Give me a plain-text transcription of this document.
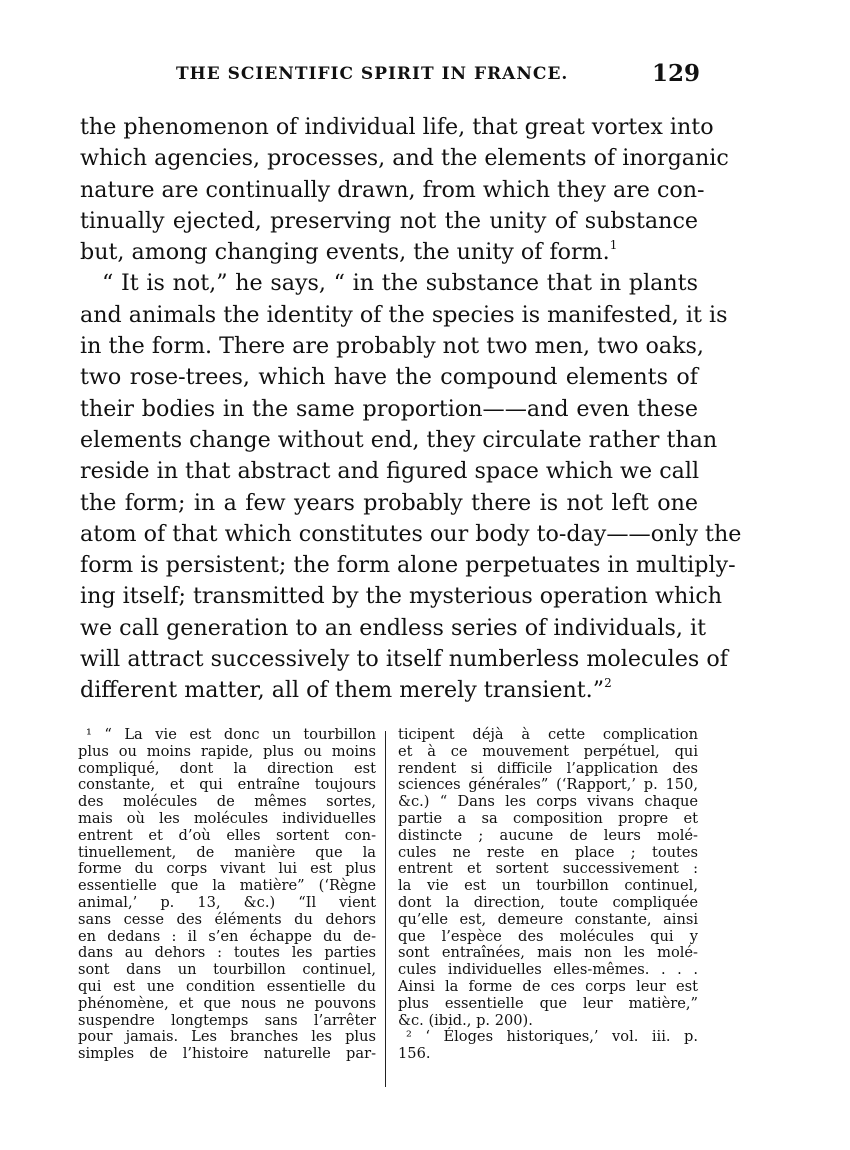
THE SCIENTIFIC SPIRIT IN FRANCE.	129
the phenomenon of individual life, that great vortex into
which agencies, processes, and the elements of inorganic
nature are continually drawn, from which they are con-
tinually ejected, preserving not the unity of substance
but, among changing events, the unity of form.$^1$
“ It is not,” he says, “ in the substance that in plants
and animals the identity of the species is manifested, it is
in the form. There are probably not two men, two oaks,
two rose-trees, which have the compound elements of
their bodies in the same proportion——and even these
elements change without end, they circulate rather than
reside in that abstract and figured space which we call
the form; in a few years probably there is not left one
atom of that which constitutes our body to-day——only the
form is persistent; the form alone perpetuates in multiply-
ing itself; transmitted by the mysterious operation which
we call generation to an endless series of individuals, it
will attract successively to itself numberless molecules of
different matter, all of them merely transient.”$^2$
¹ “ La vie est donc un tourbillon
plus ou moins rapide, plus ou moins
compliqué, dont la direction est
constante, et qui entraîne toujours
des molécules de mêmes sortes,
mais où les molécules individuelles
entrent et d’où elles sortent con-
tinuellement, de manière que la
forme du corps vivant lui est plus
essentielle que la matière” (‘Règne
animal,’ p. 13, &c.) “Il vient
sans cesse des éléments du dehors
en dedans : il s’en échappe du de-
dans au dehors : toutes les parties
sont dans un tourbillon continuel,
qui est une condition essentielle du
phénomène, et que nous ne pouvons
suspendre longtemps sans l’arrêter
pour jamais. Les branches les plus
simples de l’histoire naturelle par-
ticipent déjà à cette complication
et à ce mouvement perpétuel, qui
rendent si difficile l’application des
sciences générales” (‘Rapport,’ p. 150,
&c.) “ Dans les corps vivans chaque
partie a sa composition propre et
distincte ; aucune de leurs molé-
cules ne reste en place ; toutes
entrent et sortent successivement :
la vie est un tourbillon continuel,
dont la direction, toute compliquée
qu’elle est, demeure constante, ainsi
que l’espèce des molécules qui y
sont entraînées, mais non les molé-
cules individuelles elles-mêmes. . . .
Ainsi la forme de ces corps leur est
plus essentielle que leur matière,”
&c. (ibid., p. 200).
² ‘ Éloges historiques,’ vol. iii. p.
156.
